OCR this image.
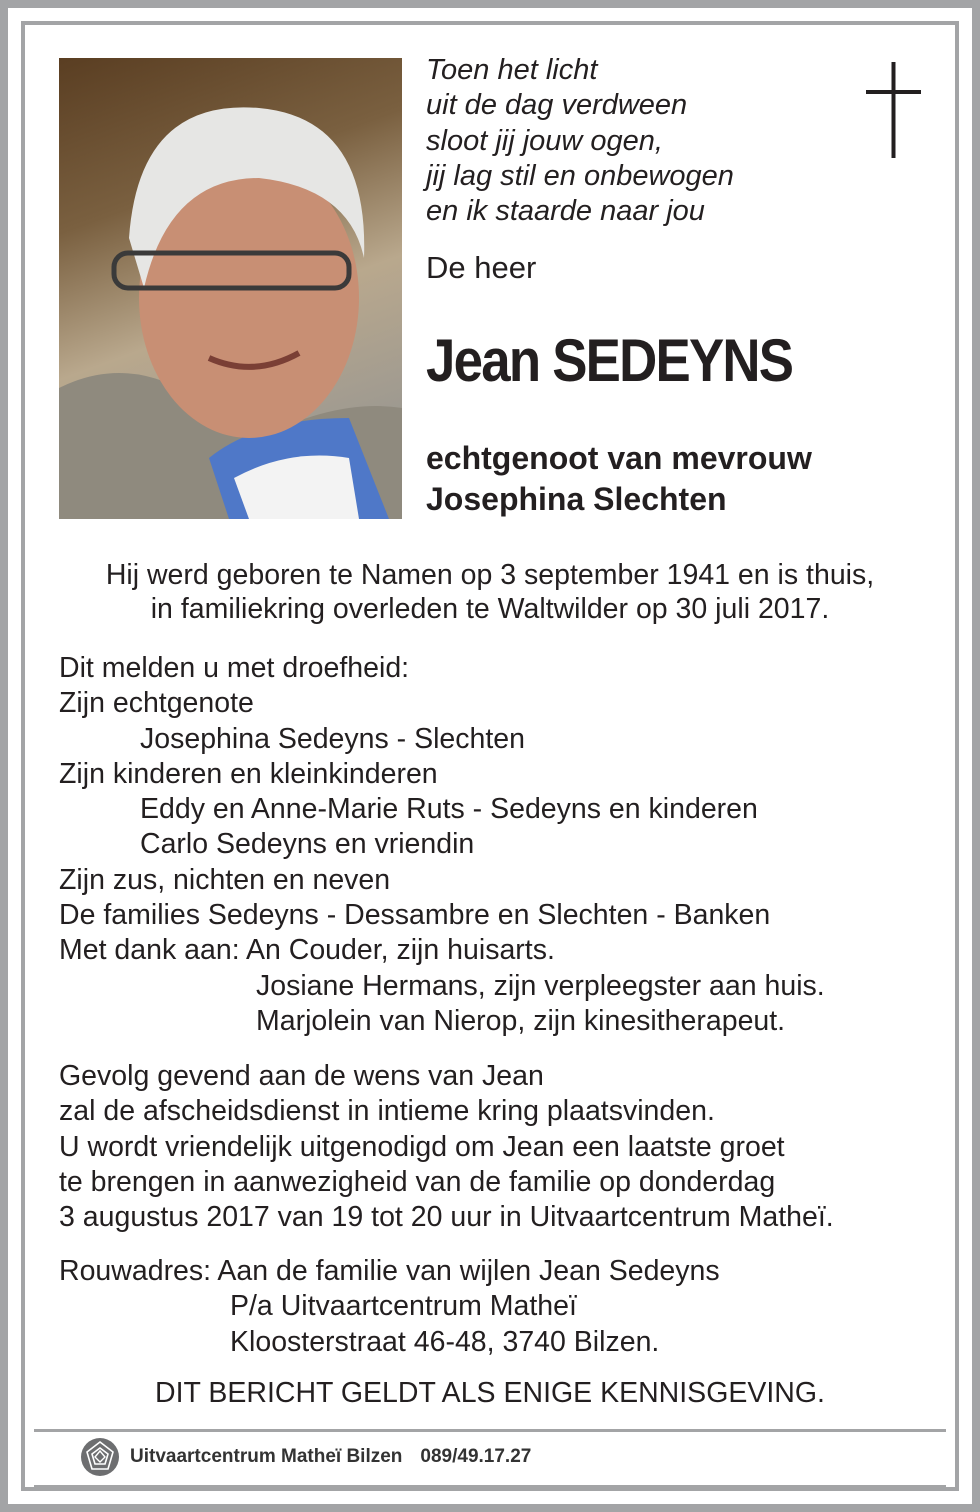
Toen het licht
uit de dag verdween
sloot jij jouw ogen,
jij lag stil en onbewogen
en ik staarde naar jou
De heer
Jean SEDEYNS
echtgenoot van mevrouw
Josephina Slechten
Hij werd geboren te Namen op 3 september 1941 en is thuis,
in familiekring overleden te Waltwilder op 30 juli 2017.
Dit melden u met droefheid:
Zijn echtgenote
Josephina Sedeyns - Slechten
Zijn kinderen en kleinkinderen
Eddy en Anne-Marie Ruts - Sedeyns en kinderen
Carlo Sedeyns en vriendin
Zijn zus, nichten en neven
De families Sedeyns - Dessambre en Slechten - Banken
Met dank aan: An Couder, zijn huisarts.
Josiane Hermans, zijn verpleegster aan huis.
Marjolein van Nierop, zijn kinesitherapeut.
Gevolg gevend aan de wens van Jean
zal de afscheidsdienst in intieme kring plaatsvinden.
U wordt vriendelijk uitgenodigd om Jean een laatste groet
te brengen in aanwezigheid van de familie op donderdag
3 augustus 2017 van 19 tot 20 uur in Uitvaartcentrum Matheï.
Rouwadres: Aan de familie van wijlen Jean Sedeyns
P/a Uitvaartcentrum Matheï
Kloosterstraat 46-48, 3740 Bilzen.
DIT BERICHT GELDT ALS ENIGE KENNISGEVING.
Uitvaartcentrum Matheï Bilzen 089/49.17.27
